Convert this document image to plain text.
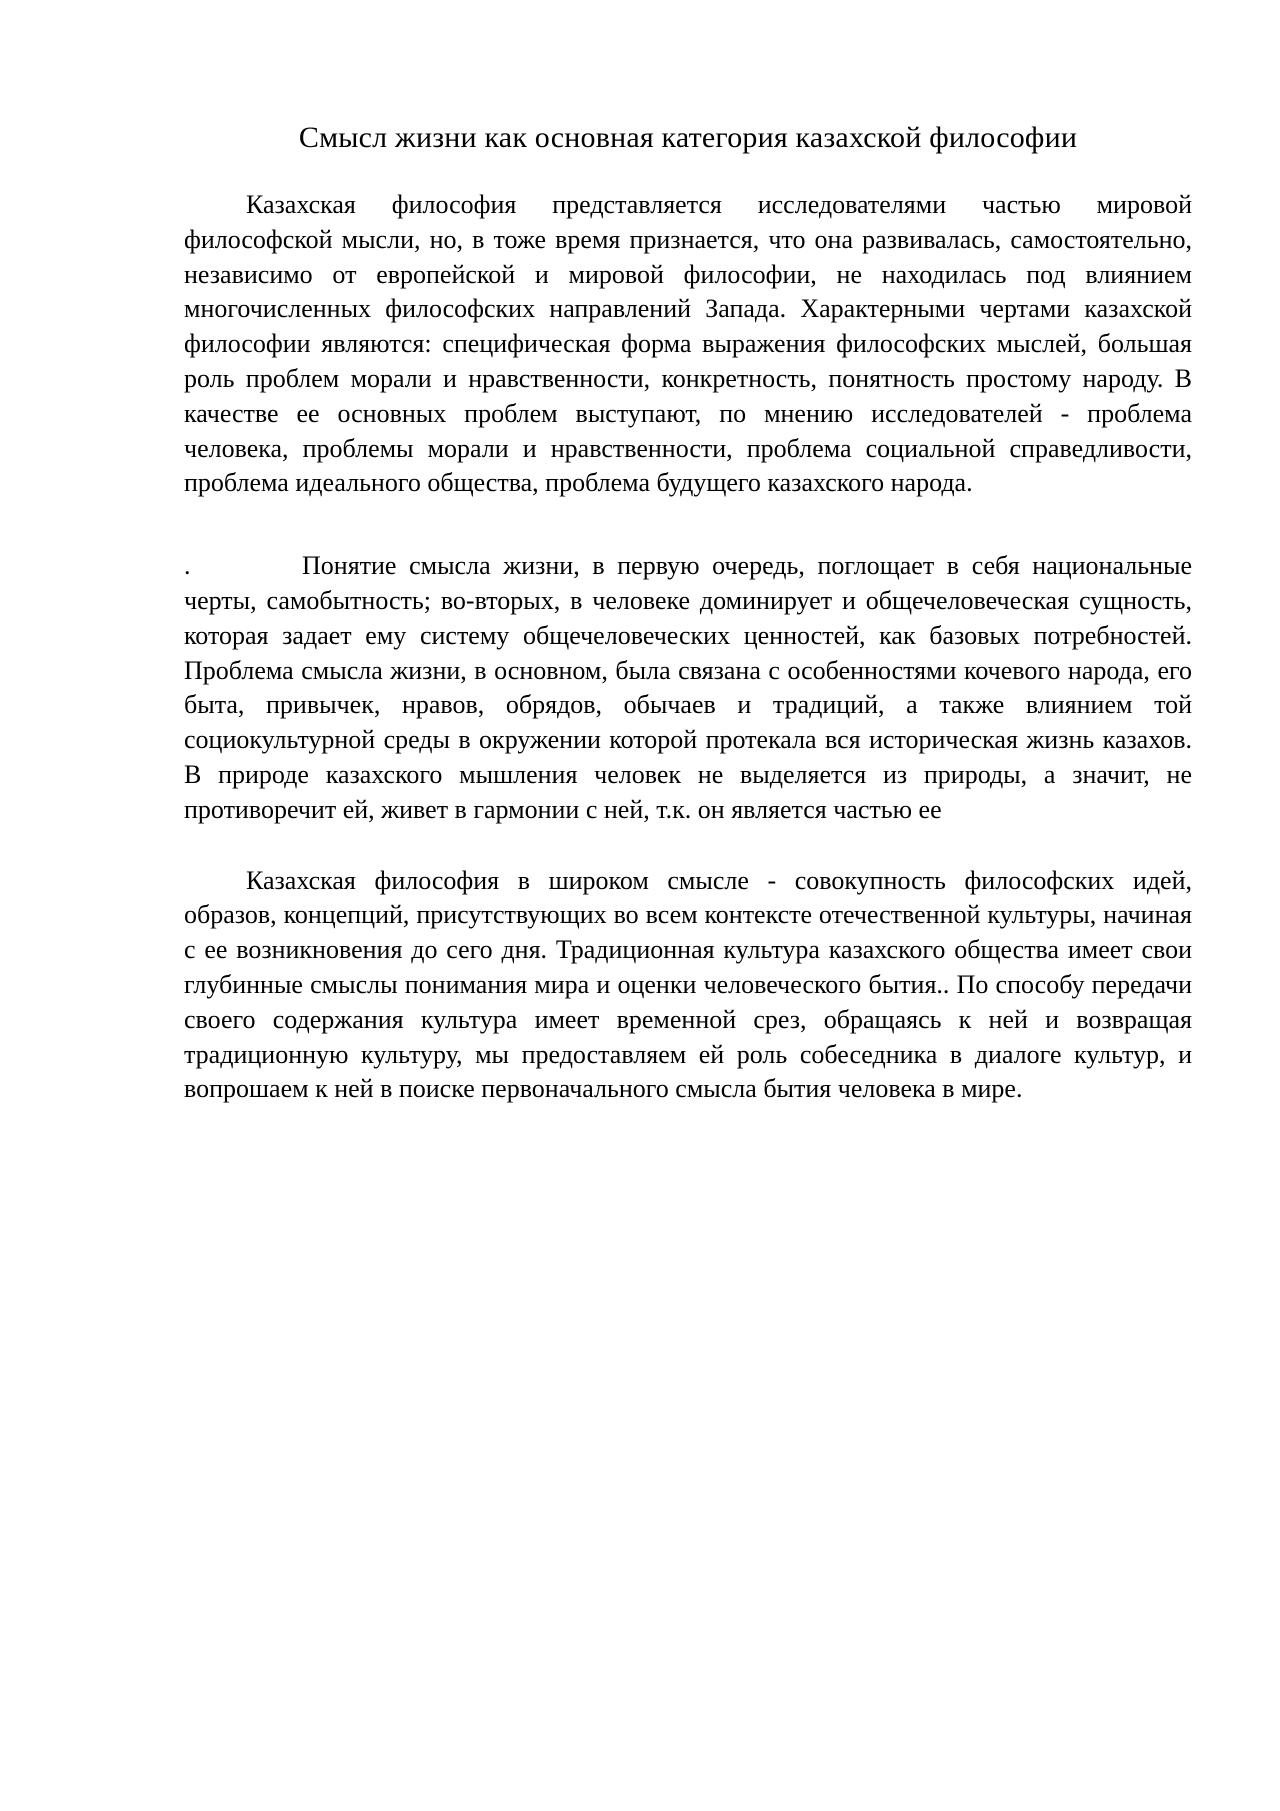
Смысл жизни как основная категория казахской философии

Казахская философия представляется исследователями частью мировой философской мысли, но, в тоже время признается, что она развивалась, самостоятельно, независимо от европейской и мировой философии, не находилась под влиянием многочисленных философских направлений Запада. Характерными чертами казахской философии являются: специфическая форма выражения философских мыслей, большая роль проблем морали и нравственности, конкретность, понятность простому народу. В качестве ее основных проблем выступают, по мнению исследователей - проблема человека, проблемы морали и нравственности, проблема социальной справедливости, проблема идеального общества, проблема будущего казахского народа.

.	Понятие смысла жизни, в первую очередь, поглощает в себя национальные черты, самобытность; во-вторых, в человеке доминирует и общечеловеческая сущность, которая задает ему систему общечеловеческих ценностей, как базовых потребностей. Проблема смысла жизни, в основном, была связана с особенностями кочевого народа, его быта, привычек, нравов, обрядов, обычаев и традиций, а также влиянием той социокультурной среды в окружении которой протекала вся историческая жизнь казахов. В природе казахского мышления человек не выделяется из природы, а значит, не противоречит ей, живет в гармонии с ней, т.к. он является частью ее

Казахская философия в широком смысле - совокупность философских идей, образов, концепций, присутствующих во всем контексте отечественной культуры, начиная с ее возникновения до сего дня. Традиционная культура казахского общества имеет свои глубинные смыслы понимания мира и оценки человеческого бытия.. По способу передачи своего содержания культура имеет временной срез, обращаясь к ней и возвращая традиционную культуру, мы предоставляем ей роль собеседника в диалоге культур, и вопрошаем к ней в поиске первоначального смысла бытия человека в мире.
